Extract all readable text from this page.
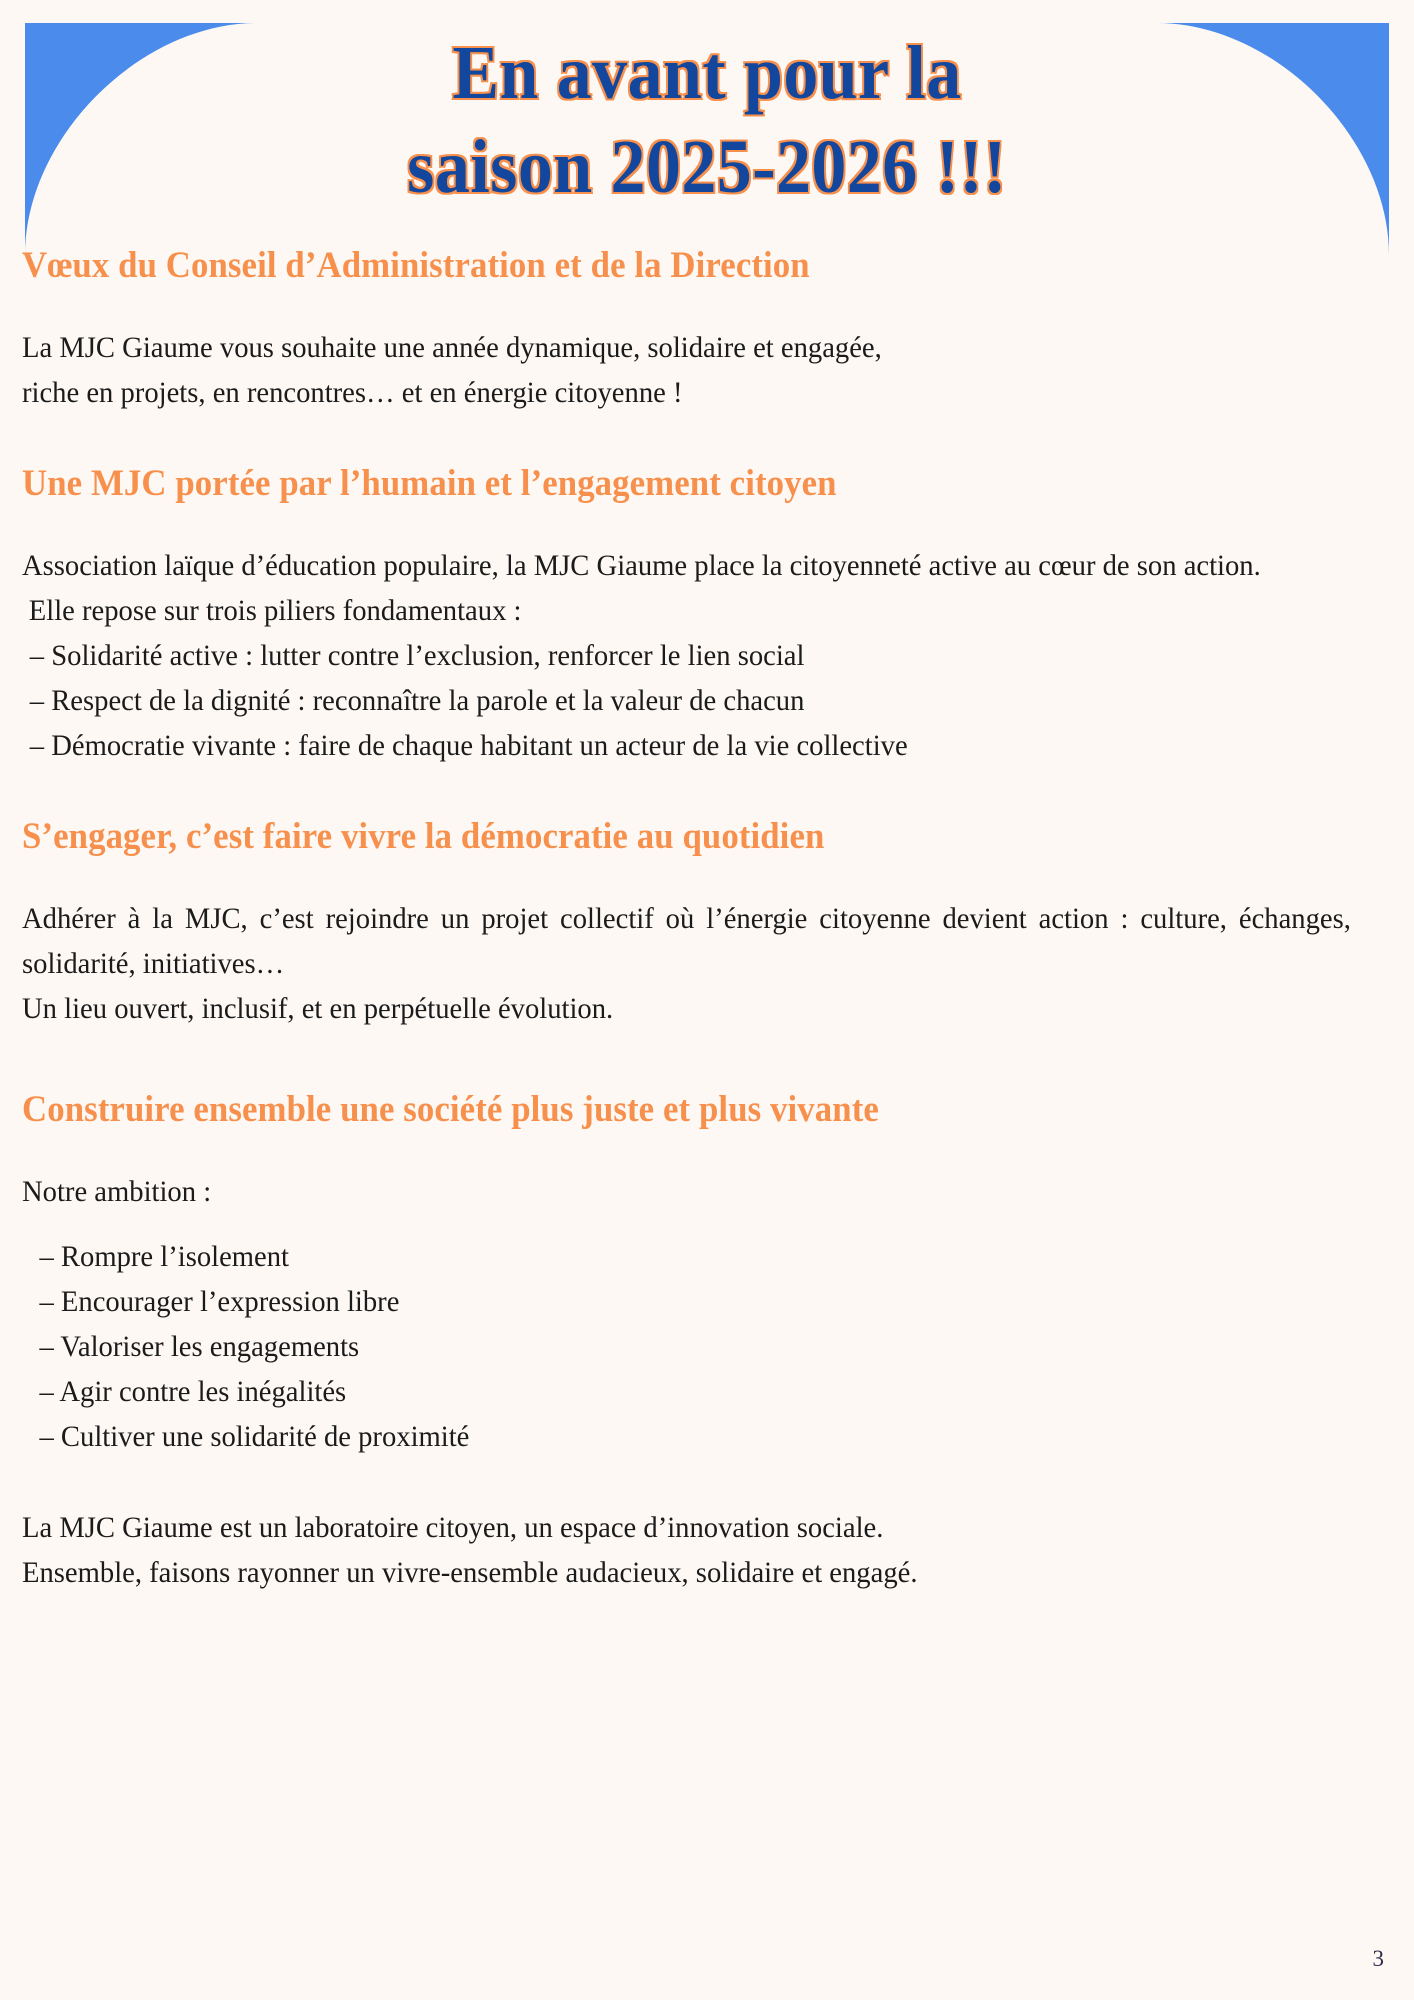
En avant pour la
saison 2025-2026 !!!
Vœux du Conseil d’Administration et de la Direction
La MJC Giaume vous souhaite une année dynamique, solidaire et engagée,
riche en projets, en rencontres… et en énergie citoyenne !
Une MJC portée par l’humain et l’engagement citoyen

Association laïque d’éducation populaire, la MJC Giaume place la citoyenneté active au cœur de son action.

Elle repose sur trois piliers fondamentaux :
– Solidarité active : lutter contre l’exclusion, renforcer le lien social
– Respect de la dignité : reconnaître la parole et la valeur de chacun
– Démocratie vivante : faire de chaque habitant un acteur de la vie collective
S’engager, c’est faire vivre la démocratie au quotidien

Adhérer à la MJC, c’est rejoindre un projet collectif où l’énergie citoyenne devient action : culture, échanges, solidarité, initiatives…

Un lieu ouvert, inclusif, et en perpétuelle évolution.
Construire ensemble une société plus juste et plus vivante
Notre ambition :
– Rompre l’isolement
– Encourager l’expression libre
– Valoriser les engagements
– Agir contre les inégalités
– Cultiver une solidarité de proximité
La MJC Giaume est un laboratoire citoyen, un espace d’innovation sociale.
Ensemble, faisons rayonner un vivre-ensemble audacieux, solidaire et engagé.
3
